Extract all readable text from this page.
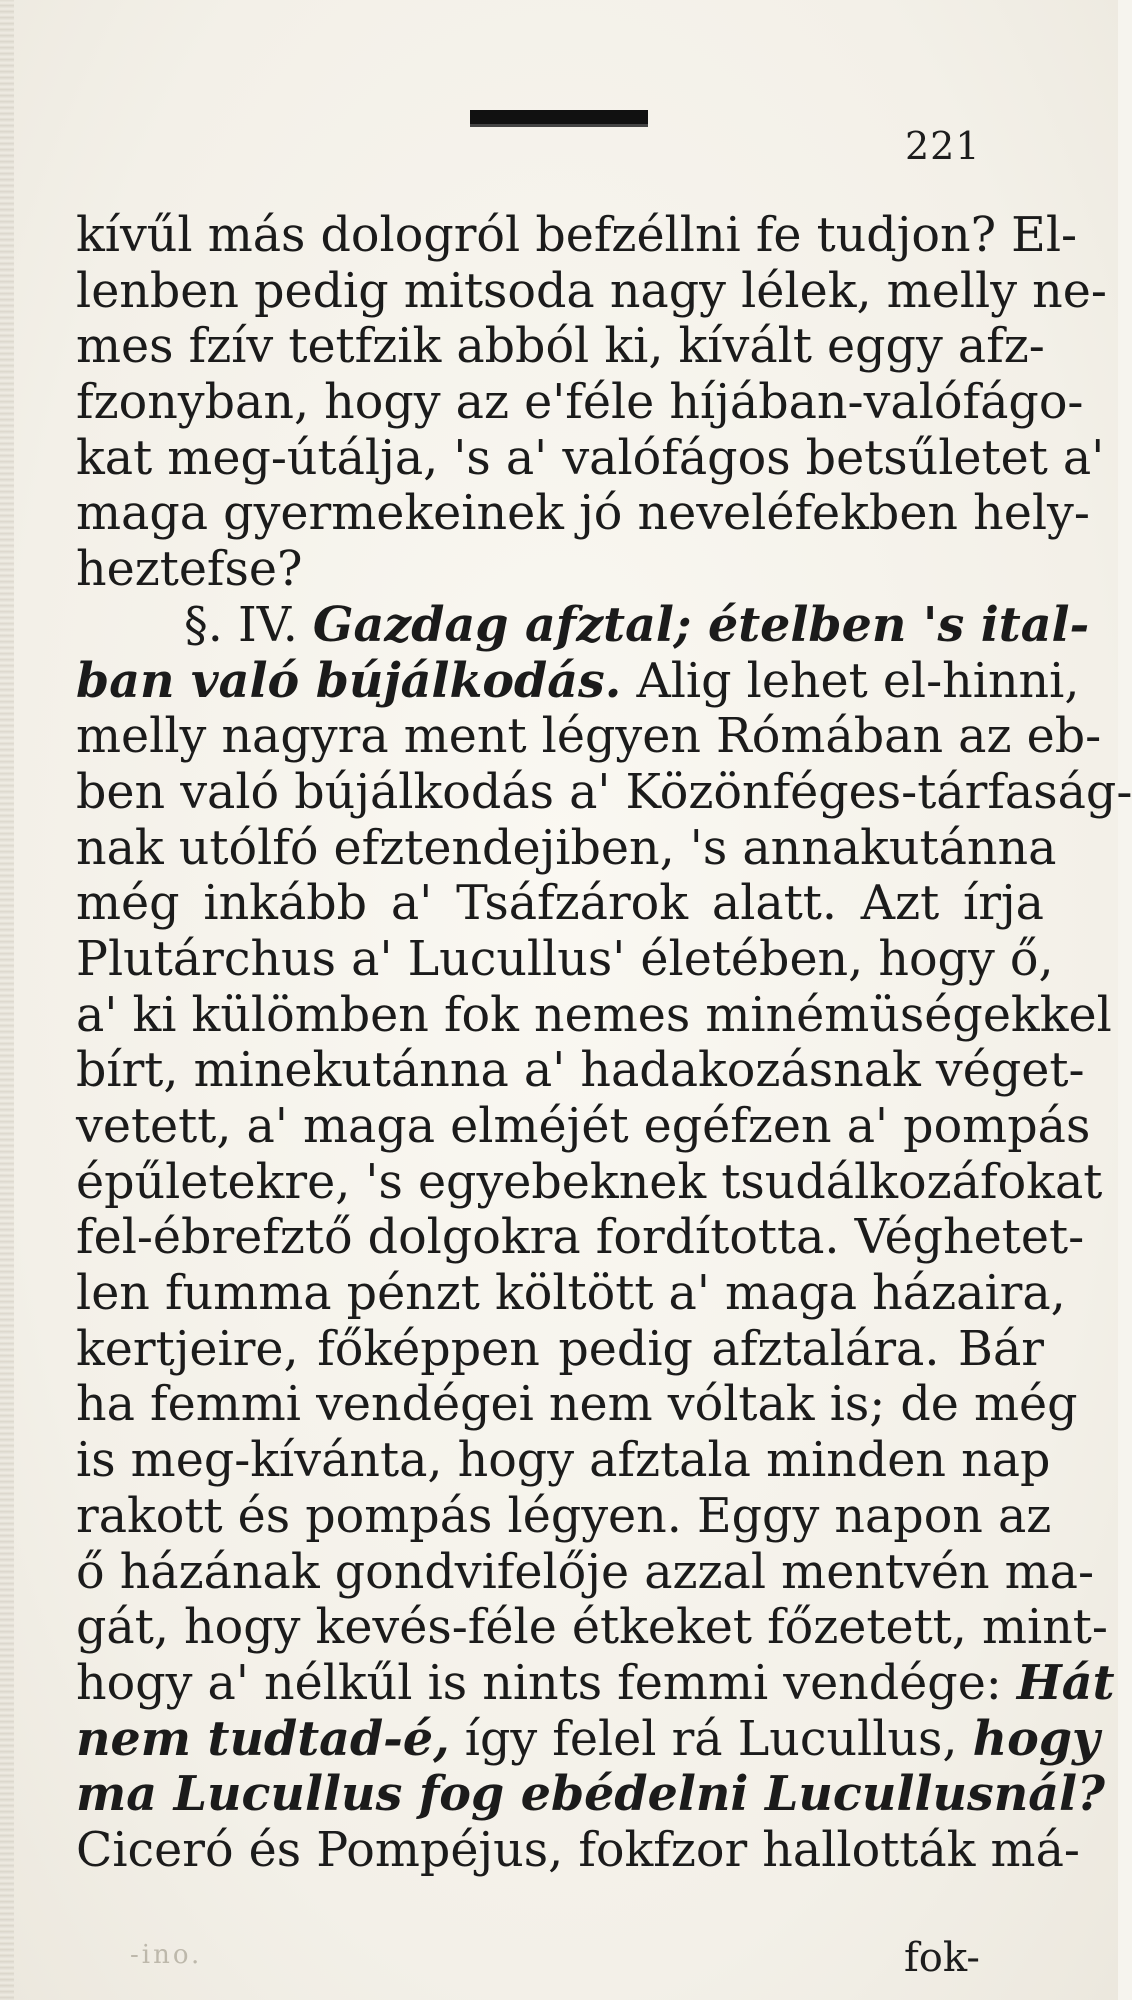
221
kívűl más dologról befzéllni fe tudjon? El-
lenben pedig mitsoda nagy lélek, melly ne-
mes fzív tetfzik abból ki, kívált eggy afz-
fzonyban, hogy az e'féle híjában-valófágo-
kat meg-útálja, 's a' valófágos betsűletet a'
maga gyermekeinek jó neveléfekben hely-
heztefse?
§. IV. Gazdag afztal; ételben 's ital-
ban való bújálkodás. Alig lehet el-hinni,
melly nagyra ment légyen Rómában az eb-
ben való bújálkodás a' Közönféges-tárfaság-
nak utólfó efztendejiben, 's annakutánna
még inkább a' Tsáfzárok alatt. Azt írja
Plutárchus a' Lucullus' életében, hogy ő,
a' ki külömben fok nemes minémüségekkel
bírt, minekutánna a' hadakozásnak véget-
vetett, a' maga elméjét egéfzen a' pompás
épűletekre, 's egyebeknek tsudálkozáfokat
fel-ébrefztő dolgokra fordította. Véghetet-
len fumma pénzt költött a' maga házaira,
kertjeire, főképpen pedig afztalára. Bár
ha femmi vendégei nem vóltak is; de még
is meg-kívánta, hogy afztala minden nap
rakott és pompás légyen. Eggy napon az
ő házának gondvifelője azzal mentvén ma-
gát, hogy kevés-féle étkeket főzetett, mint-
hogy a' nélkűl is nints femmi vendége: Hát
nem tudtad-é, így felel rá Lucullus, hogy
ma Lucullus fog ebédelni Lucullusnál?
Ciceró és Pompéjus, fokfzor hallották má-
-ino.	fok-
